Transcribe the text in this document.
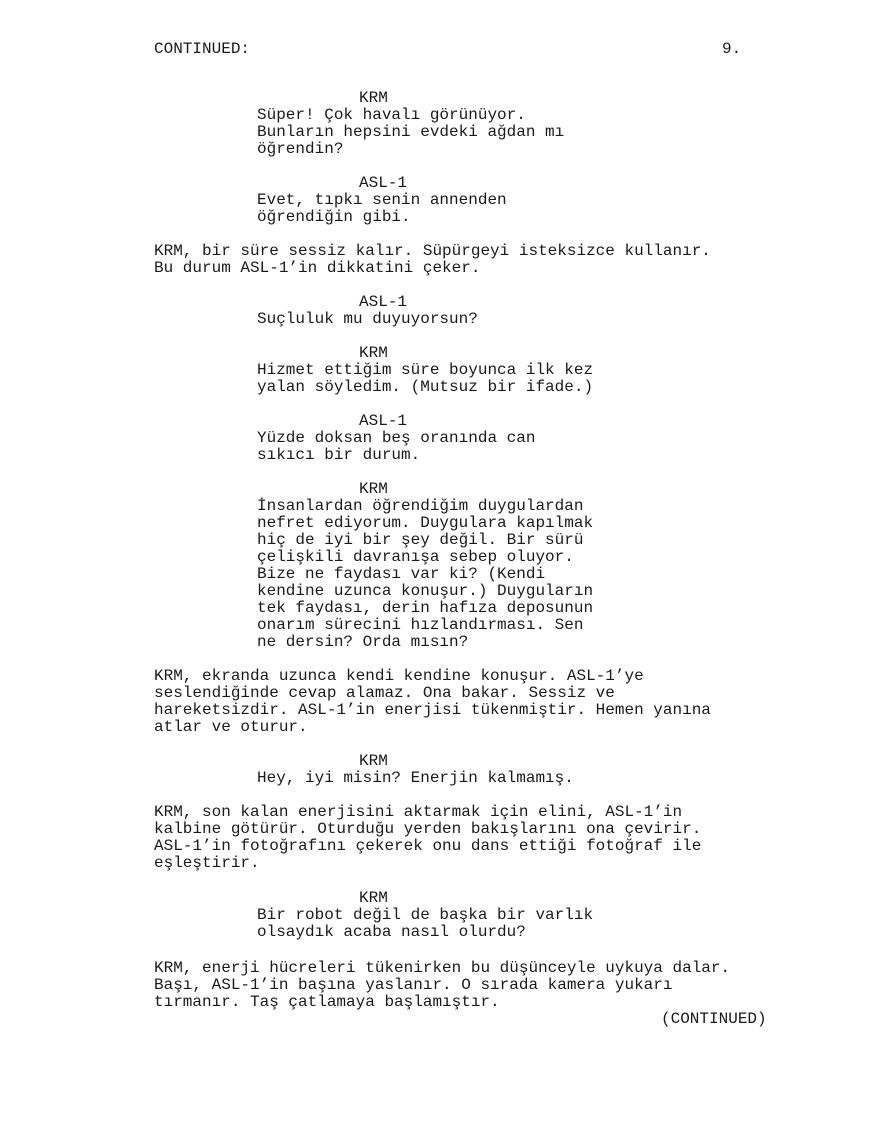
CONTINUED:	9.
KRM
Süper! Çok havalı görünüyor.
Bunların hepsini evdeki ağdan mı
öğrendin?
ASL-1
Evet, tıpkı senin annenden
öğrendiğin gibi.
KRM, bir süre sessiz kalır. Süpürgeyi isteksizce kullanır.
Bu durum ASL-1’in dikkatini çeker.
ASL-1
Suçluluk mu duyuyorsun?
KRM
Hizmet ettiğim süre boyunca ilk kez
yalan söyledim. (Mutsuz bir ifade.)
ASL-1
Yüzde doksan beş oranında can
sıkıcı bir durum.
KRM
İnsanlardan öğrendiğim duygulardan
nefret ediyorum. Duygulara kapılmak
hiç de iyi bir şey değil. Bir sürü
çelişkili davranışa sebep oluyor.
Bize ne faydası var ki? (Kendi
kendine uzunca konuşur.) Duyguların
tek faydası, derin hafıza deposunun
onarım sürecini hızlandırması. Sen
ne dersin? Orda mısın?
KRM, ekranda uzunca kendi kendine konuşur. ASL-1’ye
seslendiğinde cevap alamaz. Ona bakar. Sessiz ve
hareketsizdir. ASL-1’in enerjisi tükenmiştir. Hemen yanına
atlar ve oturur.
KRM
Hey, iyi misin? Enerjin kalmamış.
KRM, son kalan enerjisini aktarmak için elini, ASL-1’in
kalbine götürür. Oturduğu yerden bakışlarını ona çevirir.
ASL-1’in fotoğrafını çekerek onu dans ettiği fotoğraf ile
eşleştirir.
KRM
Bir robot değil de başka bir varlık
olsaydık acaba nasıl olurdu?
KRM, enerji hücreleri tükenirken bu düşünceyle uykuya dalar.
Başı, ASL-1’in başına yaslanır. O sırada kamera yukarı
tırmanır. Taş çatlamaya başlamıştır.
(CONTINUED)
